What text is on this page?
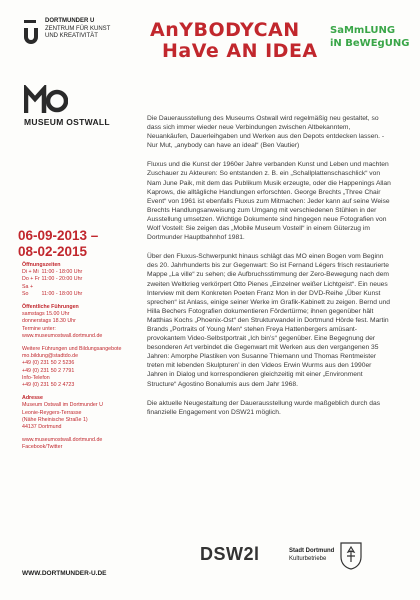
DORTMUNDER U
ZENTRUM FÜR KUNST
UND KREATIVITÄT
MUSEUM OSTWALL
AnYBODYCAN
HaVe AN IDEA
SaMmLUNG
iN BeWEgUNG
06-09-2013 –
08-02-2015
Öffnungszeiten
Di + Mi 11:00 - 18:00 Uhr
Do + Fr 11:00 - 20:00 Uhr
Sa + So 11:00 - 18:00 Uhr
Öffentliche Führungen
samstags 15.00 Uhr
donnerstags 18.30 Uhr
Termine unter:
www.museumostwall.dortmund.de
Weitere Führungen und Bildungsangebote
mo.bildung@stadtdo.de
+49 (0) 231 50 2 5236
+49 (0) 231 50 2 7791
Info-Telefon
+49 (0) 231 50 2 4723
Adresse
Museum Ostwall im Dortmunder U
Leonie-Reygers-Terrasse
(Nähe Rheinische Straße 1)
44137 Dortmund
www.museumostwall.dortmund.de
Facebook/Twitter

Die Dauerausstellung des Museums Ostwall wird regelmäßig neu gestaltet, so dass sich immer wieder neue Verbindungen zwischen Altbekanntem, Neuankäufen, Dauerleihgaben und Werken aus den Depots entdecken lassen. - Nur Mut, „anybody can have an ideal“ (Ben Vautier)

Fluxus und die Kunst der 1960er Jahre verbanden Kunst und Leben und machten Zuschauer zu Akteuren: So entstanden z. B. ein „Schallplattenschaschlick“ von Nam June Paik, mit dem das Publikum Musik erzeugte, oder die Happenings Allan Kaprows, die alltägliche Handlungen erforschten. George Brechts „Three Chair Event“ von 1961 ist ebenfalls Fluxus zum Mitmachen: Jeder kann auf seine Weise Brechts Handlungsanweisung zum Umgang mit verschiedenen Stühlen in der Ausstellung umsetzen. Wichtige Dokumente sind hingegen neue Fotografien von Wolf Vostell: Sie zeigen das „Mobile Museum Vostell“ in einem Güterzug im Dortmunder Hauptbahnhof 1981.

Über den Fluxus-Schwerpunkt hinaus schlägt das MO einen Bogen vom Beginn des 20. Jahrhunderts bis zur Gegenwart: So ist Fernand Légers frisch restaurierte Mappe „La ville“ zu sehen; die Aufbruchsstimmung der Zero-Bewegung nach dem zweiten Weltkrieg verkörpert Otto Pienes „Einzelner weißer Lichtgeist“. Ein neues Interview mit dem Konkreten Poeten Franz Mon in der DVD-Reihe „Über Kunst sprechen“ ist Anlass, einige seiner Werke im Grafik-Kabinett zu zeigen. Bernd und Hilla Bechers Fotografien dokumentieren Fördertürme; ihnen gegenüber hält Matthias Kochs „Phoenix-Ost“ den Strukturwandel in Dortmund Hörde fest. Martin Brands „Portraits of Young Men“ stehen Freya Hattenbergers amüsant-provokantem Video-Selbstportrait „Ich bin’s“ gegenüber. Eine Begegnung der besonderen Art verbindet die Gegenwart mit Werken aus den vergangenen 35 Jahren: Amorphe Plastiken von Susanne Thiemann und Thomas Rentmeister treten mit lebenden Skulpturen’ in den Videos Erwin Wurms aus den 1990er Jahren in Dialog und korrespondieren gleichzeitig mit einer „Environment Structure“ Agostino Bonalumis aus dem Jahr 1968.

Die aktuelle Neugestaltung der Dauerausstellung wurde maßgeblich durch das finanzielle Engagement von DSW21 möglich.

WWW.DORTMUNDER-U.DE
DSW2l	Stadt Dortmund
Kulturbetriebe
